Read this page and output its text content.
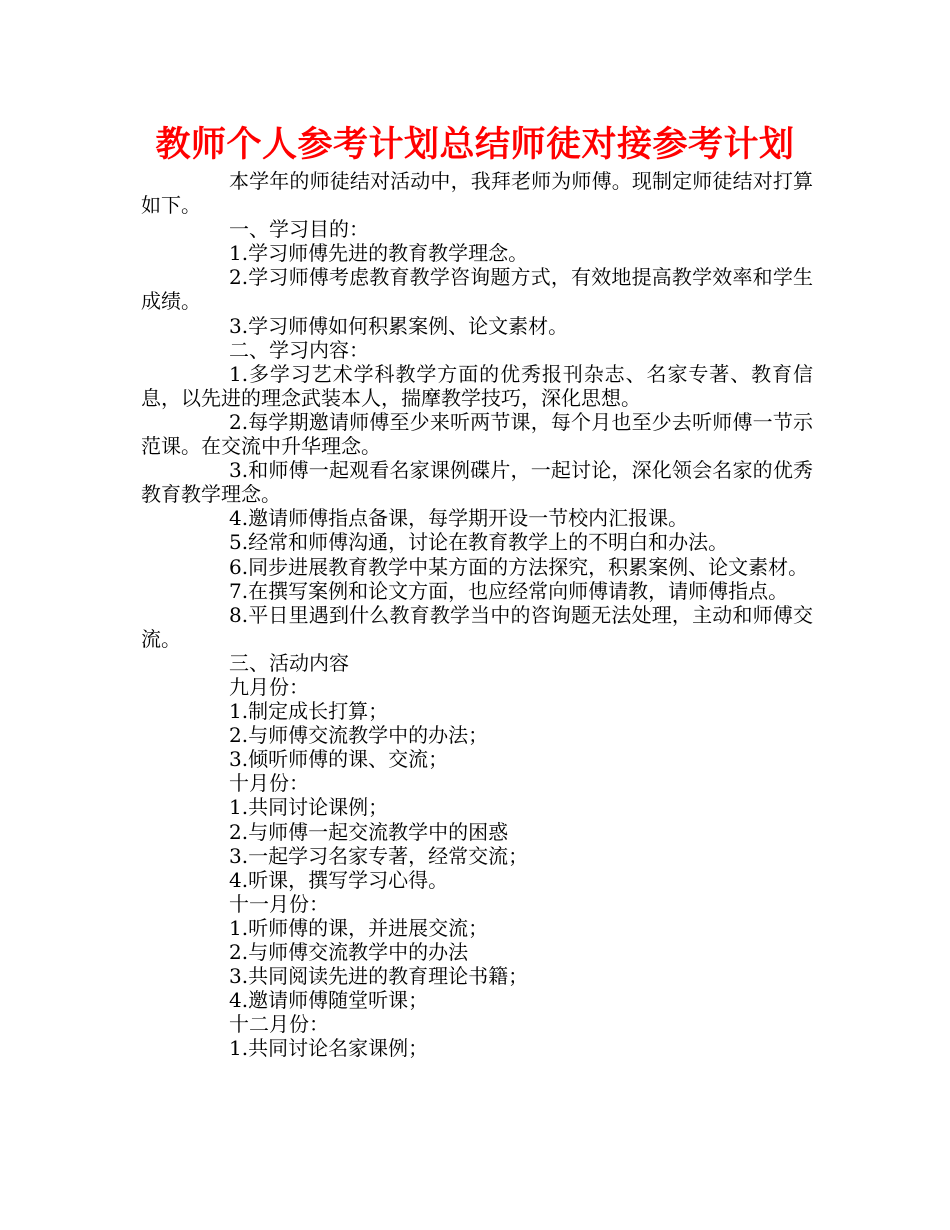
教师个人参考计划总结师徒对接参考计划

本学年的师徒结对活动中，我拜老师为师傅。现制定师徒结对打算如下。

一、学习目的：

1.学习师傅先进的教育教学理念。

2.学习师傅考虑教育教学咨询题方式，有效地提高教学效率和学生成绩。

3.学习师傅如何积累案例、论文素材。

二、学习内容：

1.多学习艺术学科教学方面的优秀报刊杂志、名家专著、教育信息，以先进的理念武装本人，揣摩教学技巧，深化思想。

2.每学期邀请师傅至少来听两节课，每个月也至少去听师傅一节示范课。在交流中升华理念。

3.和师傅一起观看名家课例碟片，一起讨论，深化领会名家的优秀教育教学理念。

4.邀请师傅指点备课，每学期开设一节校内汇报课。

5.经常和师傅沟通，讨论在教育教学上的不明白和办法。

6.同步进展教育教学中某方面的方法探究，积累案例、论文素材。

7.在撰写案例和论文方面，也应经常向师傅请教，请师傅指点。

8.平日里遇到什么教育教学当中的咨询题无法处理，主动和师傅交流。

三、活动内容

九月份：

1.制定成长打算；

2.与师傅交流教学中的办法；

3.倾听师傅的课、交流；

十月份：

1.共同讨论课例；

2.与师傅一起交流教学中的困惑

3.一起学习名家专著，经常交流；

4.听课，撰写学习心得。

十一月份：

1.听师傅的课，并进展交流；

2.与师傅交流教学中的办法

3.共同阅读先进的教育理论书籍；

4.邀请师傅随堂听课；

十二月份：

1.共同讨论名家课例；
